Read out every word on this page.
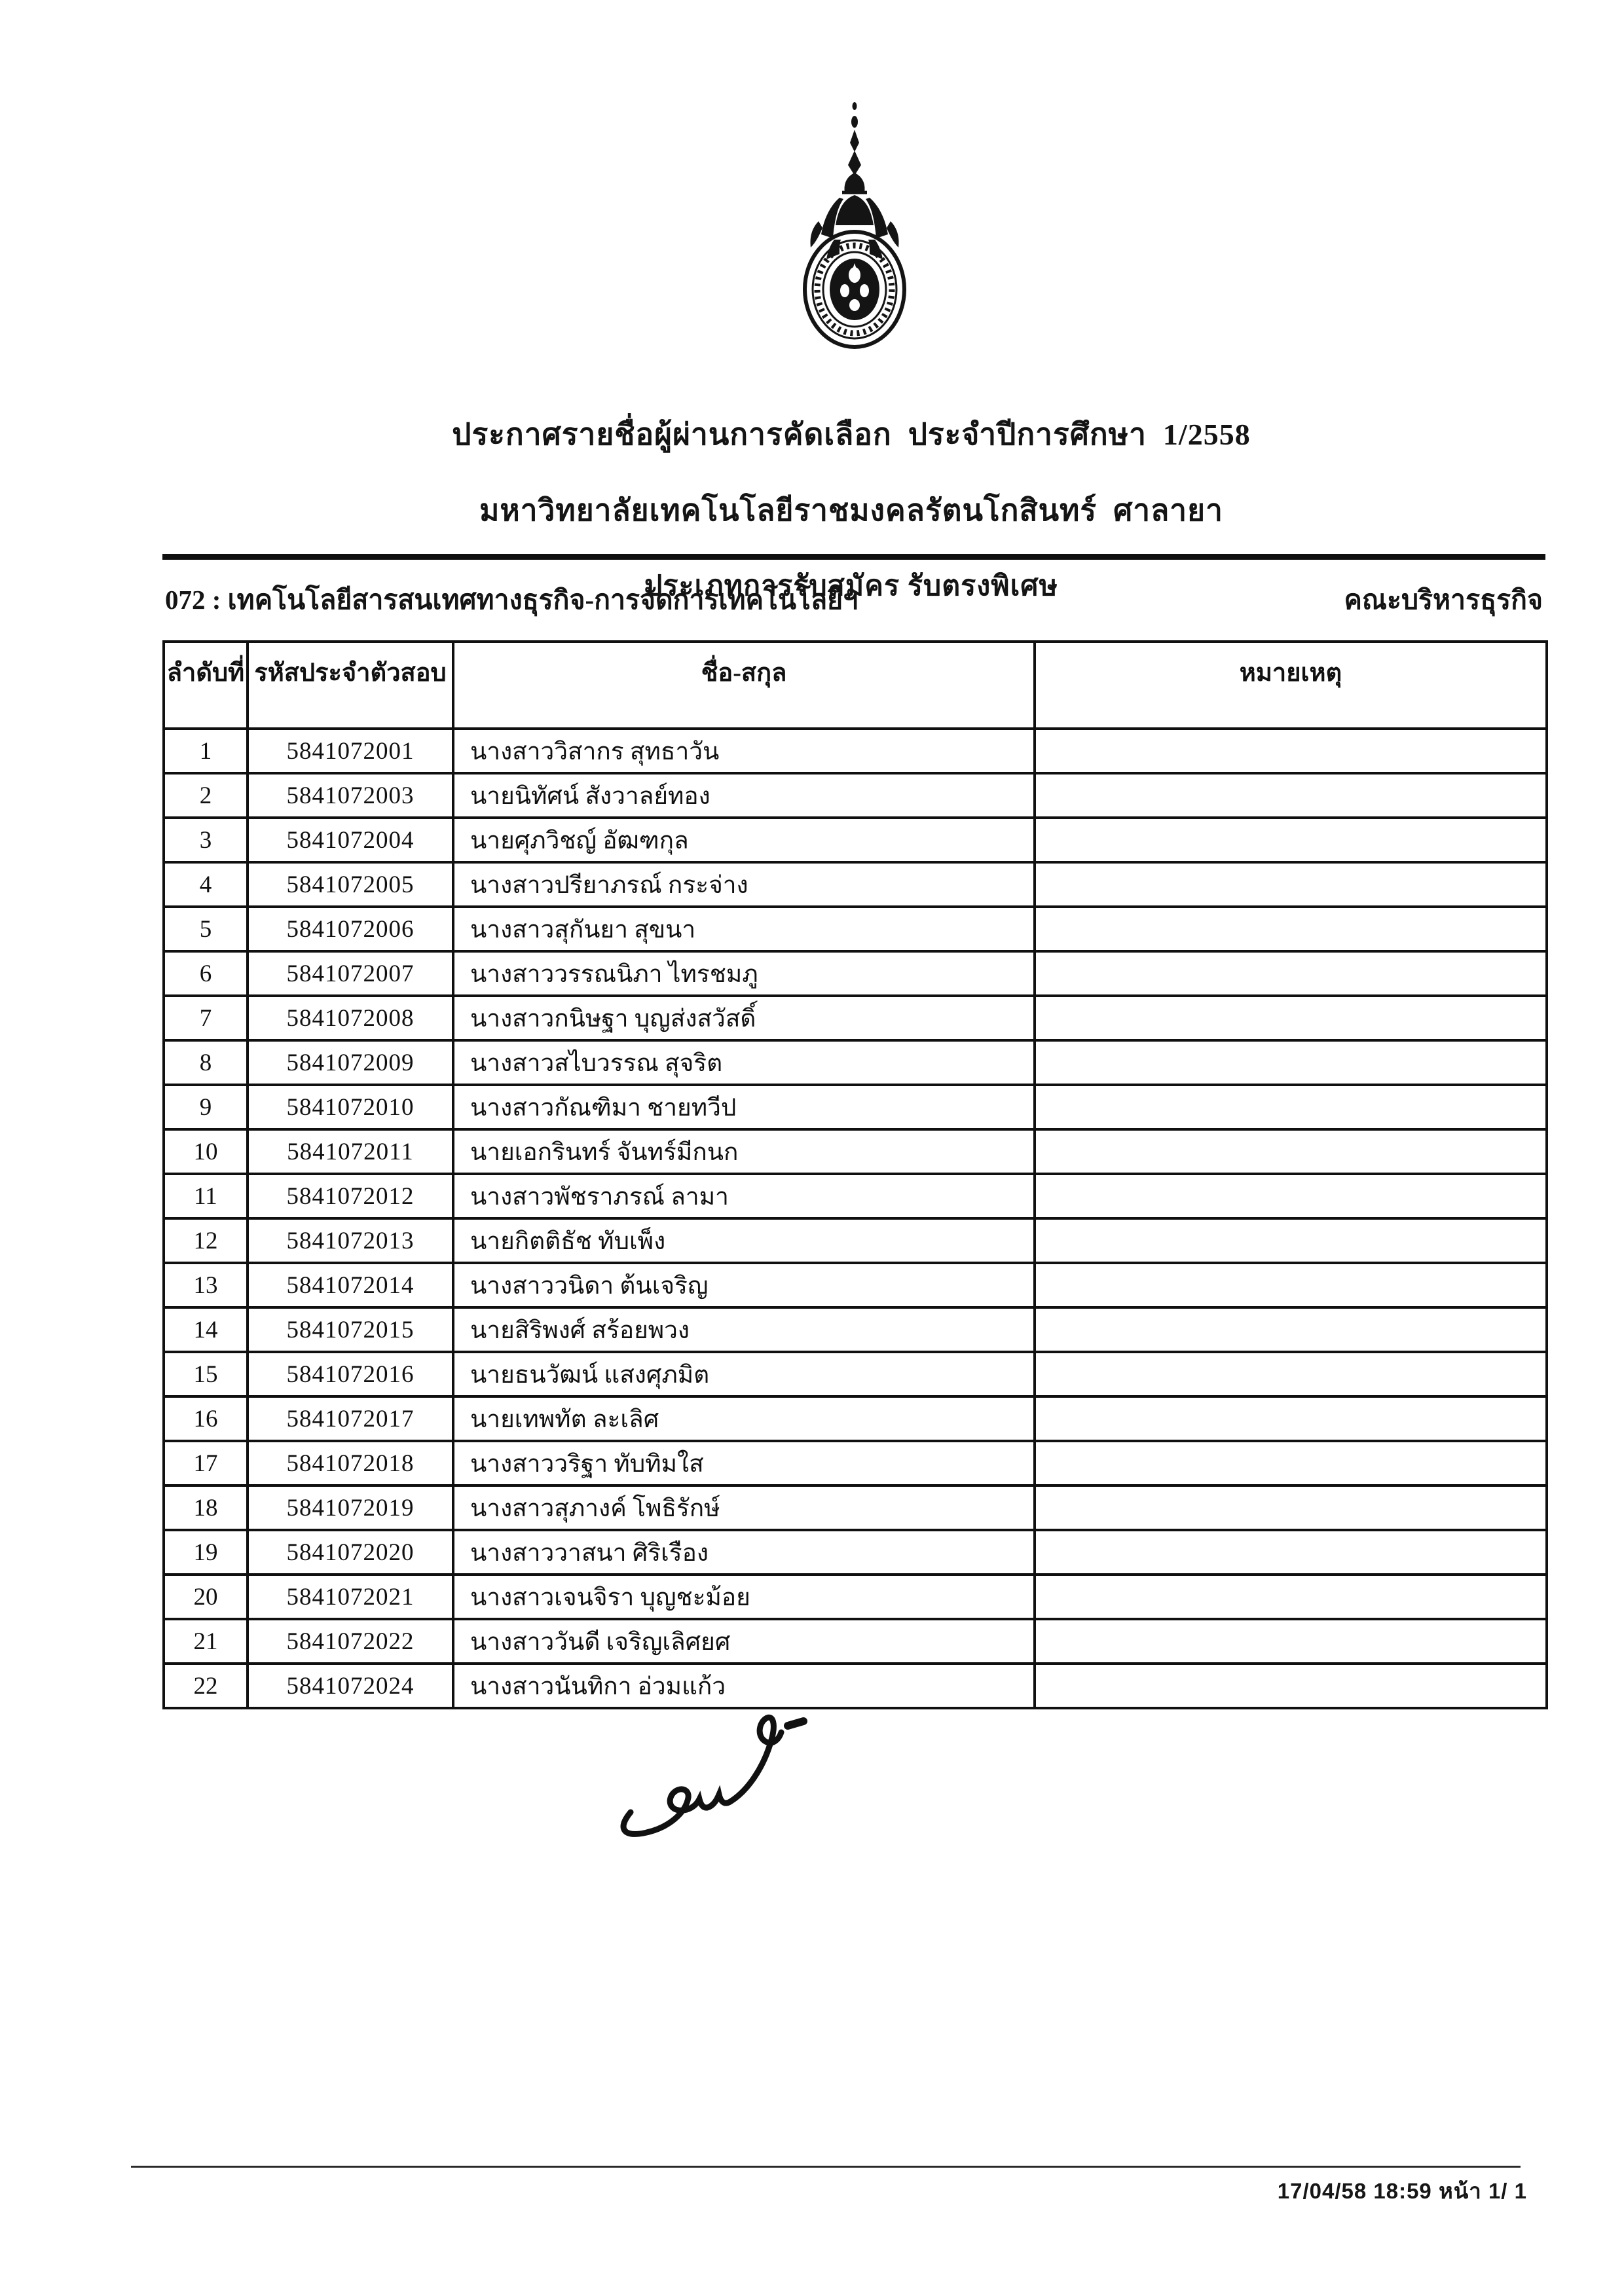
ประกาศรายชื่อผู้ผ่านการคัดเลือก  ประจำปีการศึกษา  1/2558

มหาวิทยาลัยเทคโนโลยีราชมงคลรัตนโกสินทร์  ศาลายา

ประเภทการรับสมัคร รับตรงพิเศษ

072 : เทคโนโลยีสารสนเทศทางธุรกิจ-การจัดการเทคโนโลยีฯ	คณะบริหารธุรกิจ
ลำดับที่	รหัสประจำตัวสอบ	ชื่อ-สกุล	หมายเหตุ
1	5841072001	นางสาววิสากร สุทธาวัน	
2	5841072003	นายนิทัศน์ สังวาลย์ทอง	
3	5841072004	นายศุภวิชญ์ อัฒฑกุล	
4	5841072005	นางสาวปรียาภรณ์ กระจ่าง	
5	5841072006	นางสาวสุกันยา สุขนา	
6	5841072007	นางสาววรรณนิภา ไทรชมภู	
7	5841072008	นางสาวกนิษฐา บุญส่งสวัสดิ์	
8	5841072009	นางสาวสไบวรรณ สุจริต	
9	5841072010	นางสาวกัณฑิมา ชายทวีป	
10	5841072011	นายเอกรินทร์ จันทร์มีกนก	
11	5841072012	นางสาวพัชราภรณ์ ลามา	
12	5841072013	นายกิตติธัช ทับเพ็ง	
13	5841072014	นางสาววนิดา ต้นเจริญ	
14	5841072015	นายสิริพงศ์ สร้อยพวง	
15	5841072016	นายธนวัฒน์ แสงศุภมิต	
16	5841072017	นายเทพทัต ละเลิศ	
17	5841072018	นางสาววริฐา ทับทิมใส	
18	5841072019	นางสาวสุภางค์ โพธิรักษ์	
19	5841072020	นางสาววาสนา ศิริเรือง	
20	5841072021	นางสาวเจนจิรา บุญชะม้อย	
21	5841072022	นางสาววันดี เจริญเลิศยศ	
22	5841072024	นางสาวนันทิกา อ่วมแก้ว	
17/04/58 18:59 หน้า 1/ 1
